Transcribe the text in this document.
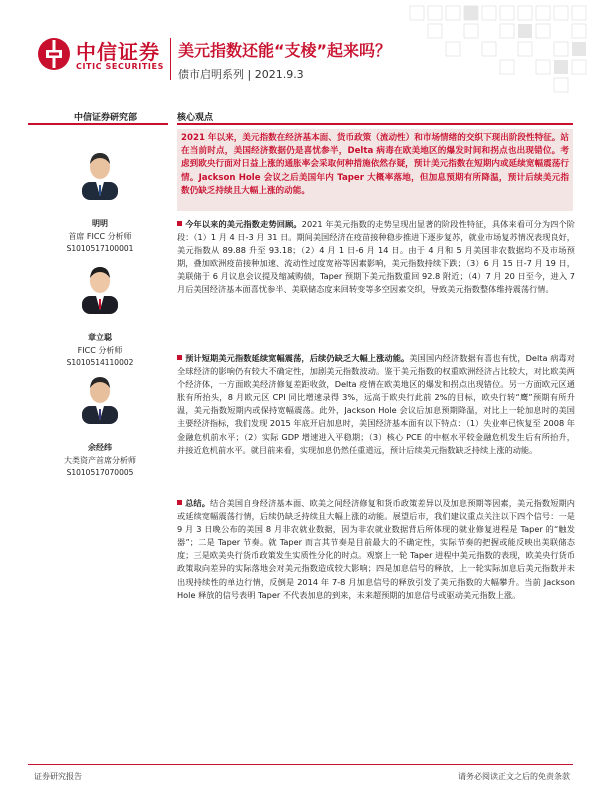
中信证券
CITIC SECURITIES
美元指数还能“支棱”起来吗？
债市启明系列 | 2021.9.3
中信证券研究部	核心观点
明明
首席 FICC 分析师
S1010517100001
章立聪
FICC 分析师
S1010514110002
余经纬
大类资产首席分析师
S1010517070005
2021 年以来，美元指数在经济基本面、货币政策（流动性）和市场情绪的交织下现出阶段性特征。站在当前时点，美国经济数据仍是喜忧参半，Delta 病毒在欧美地区的爆发时间和拐点也出现错位。考虑到欧央行面对日益上涨的通胀率会采取何种措施依然存疑，预计美元指数在短期内或延续宽幅震荡行情。Jackson Hole 会议之后美国年内 Taper 大概率落地，但加息预期有所降温，预计后续美元指数仍缺乏持续且大幅上涨的动能。
今年以来的美元指数走势回顾。2021 年美元指数的走势呈现出显著的阶段性特征，具体来看可分为四个阶段：（1）1 月 4 日-3 月 31 日。期间美国经济在疫苗接种稳步推进下逐步复苏，就业市场复苏情况表现良好，美元指数从 89.88 升至 93.18；（2）4 月 1 日-6 月 14 日。由于 4 月和 5 月美国非农数据均不及市场预期，叠加欧洲疫苗接种加速、流动性过度宽裕等因素影响，美元指数持续下跌；（3）6 月 15 日-7 月 19 日，美联储于 6 月议息会议提及缩减购债，Taper 预期下美元指数重回 92.8 附近；（4）7 月 20 日至今，进入 7 月后美国经济基本面喜忧参半、美联储态度来回转变等多空因素交织，导致美元指数整体维持震荡行情。
预计短期美元指数延续宽幅震荡，后续仍缺乏大幅上涨动能。美国国内经济数据有喜也有忧，Delta 病毒对全球经济的影响仍有较大不确定性，加剧美元指数波动。鉴于美元指数的权重欧洲经济占比较大，对比欧美两个经济体，一方面欧美经济修复差距收敛，Delta 疫情在欧美地区的爆发和拐点出现错位。另一方面欧元区通胀有所抬头，8 月欧元区 CPI 同比增速录得 3%，远高于欧央行此前 2%的目标，欧央行转“鹰”预期有所升温，美元指数短期内或保持宽幅震荡。此外，Jackson Hole 会议后加息预期降温，对比上一轮加息时的美国主要经济指标，我们发现 2015 年底开启加息时，美国经济基本面有以下特点：（1）失业率已恢复至 2008 年金融危机前水平；（2）实际 GDP 增速进入平稳期；（3）核心 PCE 的中枢水平较金融危机发生后有所抬升，并接近危机前水平。就目前来看，实现加息仍然任重道远，预计后续美元指数缺乏持续上涨的动能。
总结。结合美国自身经济基本面、欧美之间经济修复和货币政策差异以及加息预期等因素，美元指数短期内或延续宽幅震荡行情，后续仍缺乏持续且大幅上涨的动能。展望后市，我们建议重点关注以下四个信号：一是 9 月 3 日晚公布的美国 8 月非农就业数据，因为非农就业数据背后所体现的就业修复进程是 Taper 的“触发器”；二是 Taper 节奏。就 Taper 而言其节奏是目前最大的不确定性，实际节奏的把握或能反映出美联储态度；三是欧美央行货币政策发生实质性分化的时点。观察上一轮 Taper 进程中美元指数的表现，欧美央行货币政策取向差异的实际落地会对美元指数造成较大影响；四是加息信号的释放，上一轮实际加息后美元指数并未出现持续性的单边行情，反倒是 2014 年 7-8 月加息信号的释放引发了美元指数的大幅攀升。当前 Jackson Hole 释放的信号表明 Taper 不代表加息的到来，未来超预期的加息信号或驱动美元指数上涨。
证券研究报告	请务必阅读正文之后的免责条款
